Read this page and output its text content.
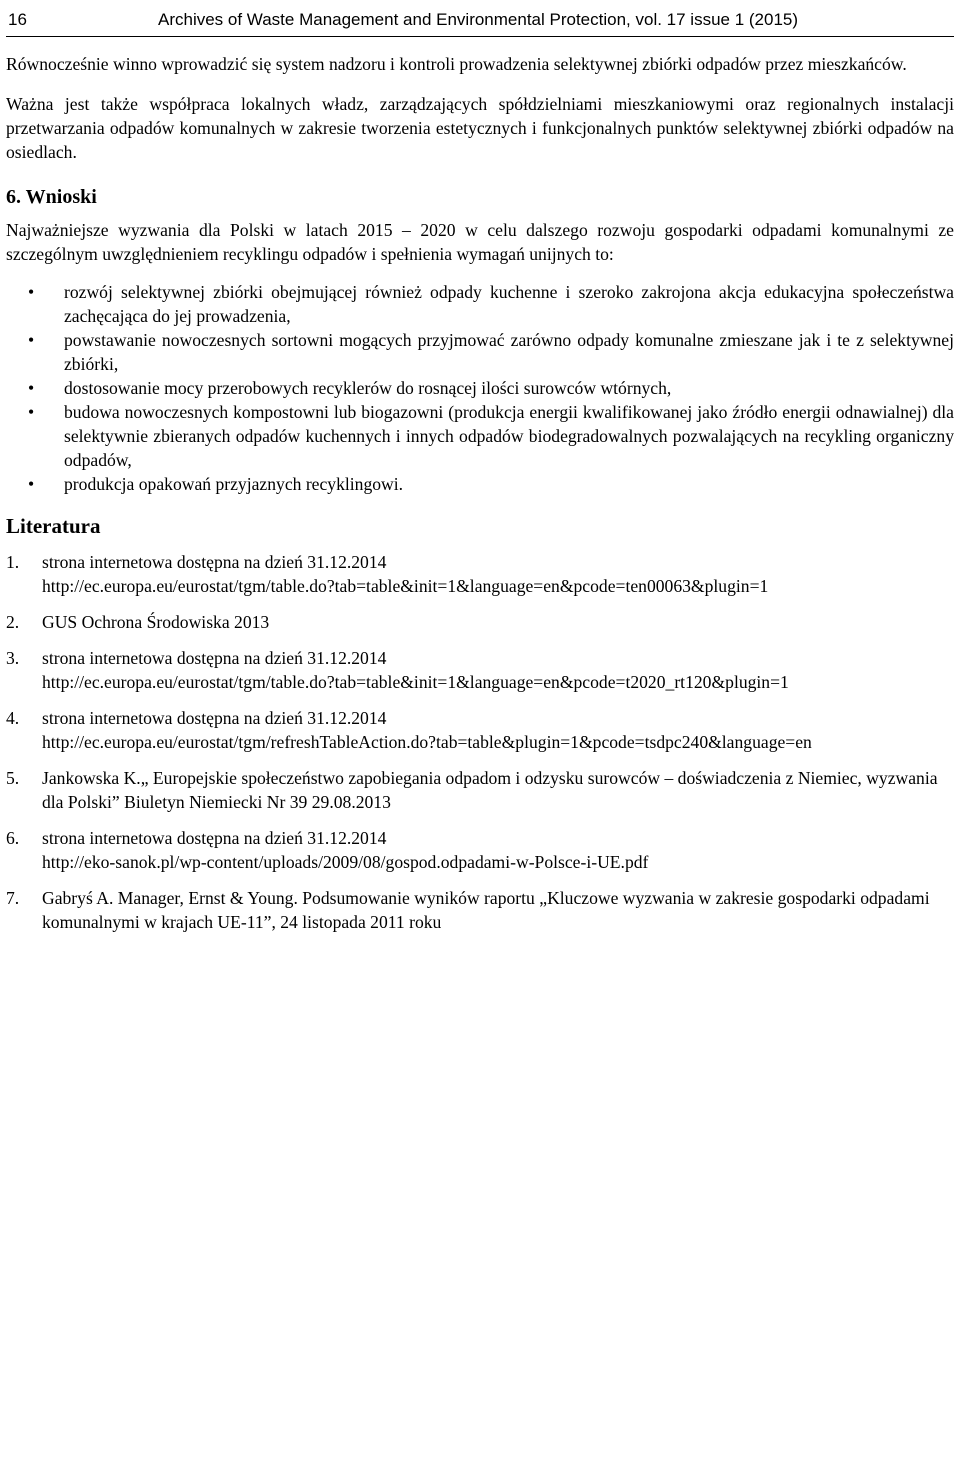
16	Archives of Waste Management and Environmental Protection, vol. 17 issue 1 (2015)

Równocześnie winno wprowadzić się system nadzoru i kontroli prowadzenia selektywnej zbiórki odpadów przez mieszkańców.

Ważna jest także współpraca lokalnych władz, zarządzających spółdzielniami mieszkaniowymi oraz regionalnych instalacji przetwarzania odpadów komunalnych w zakresie tworzenia estetycznych i funkcjonalnych punktów selektywnej zbiórki odpadów na osiedlach.

6. Wnioski

Najważniejsze wyzwania dla Polski w latach 2015 – 2020 w celu dalszego rozwoju gospodarki odpadami komunalnymi ze szczególnym uwzględnieniem recyklingu odpadów i spełnienia wymagań unijnych to:

• rozwój selektywnej zbiórki obejmującej również odpady kuchenne i szeroko zakrojona akcja edukacyjna społeczeństwa zachęcająca do jej prowadzenia,
• powstawanie nowoczesnych sortowni mogących przyjmować zarówno odpady komunalne zmieszane jak i te z selektywnej zbiórki,
• dostosowanie mocy przerobowych recyklerów do rosnącej ilości surowców wtórnych,
• budowa nowoczesnych kompostowni lub biogazowni (produkcja energii kwalifikowanej jako źródło energii odnawialnej) dla selektywnie zbieranych odpadów kuchennych i innych odpadów biodegradowalnych pozwalających na recykling organiczny odpadów,
• produkcja opakowań przyjaznych recyklingowi.
Literatura
1. strona internetowa dostępna na dzień 31.12.2014
http://ec.europa.eu/eurostat/tgm/table.do?tab=table&init=1&language=en&pcode=ten00063&plugin=1
2. GUS Ochrona Środowiska 2013
3. strona internetowa dostępna na dzień 31.12.2014
http://ec.europa.eu/eurostat/tgm/table.do?tab=table&init=1&language=en&pcode=t2020_rt120&plugin=1
4. strona internetowa dostępna na dzień 31.12.2014
http://ec.europa.eu/eurostat/tgm/refreshTableAction.do?tab=table&plugin=1&pcode=tsdpc240&language=en
5. Jankowska K.„ Europejskie społeczeństwo zapobiegania odpadom i odzysku surowców – doświadczenia z Niemiec, wyzwania dla Polski” Biuletyn Niemiecki Nr 39 29.08.2013
6. strona internetowa dostępna na dzień 31.12.2014
http://eko-sanok.pl/wp-content/uploads/2009/08/gospod.odpadami-w-Polsce-i-UE.pdf
7. Gabryś A. Manager, Ernst & Young. Podsumowanie wyników raportu „Kluczowe wyzwania w zakresie gospodarki odpadami komunalnymi w krajach UE-11”, 24 listopada 2011 roku
